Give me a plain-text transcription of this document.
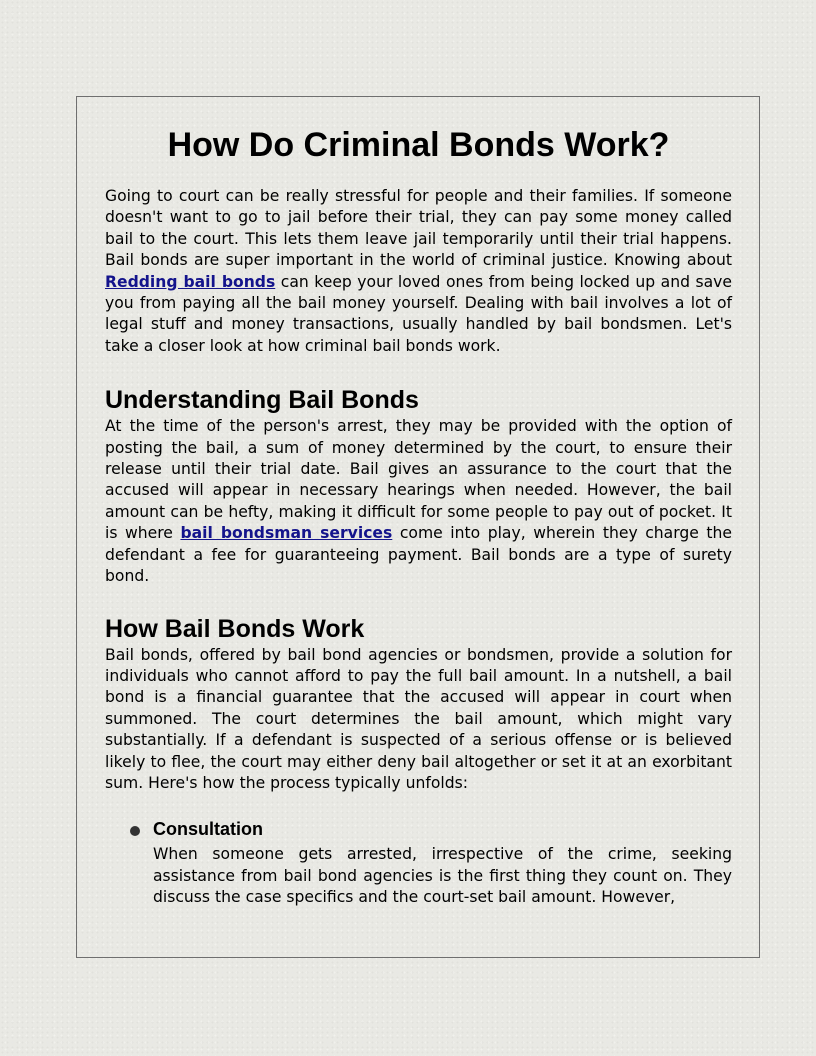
How Do Criminal Bonds Work?

Going to court can be really stressful for people and their families. If someone doesn't want to go to jail before their trial, they can pay some money called bail to the court. This lets them leave jail temporarily until their trial happens. Bail bonds are super important in the world of criminal justice. Knowing about Redding bail bonds can keep your loved ones from being locked up and save you from paying all the bail money yourself. Dealing with bail involves a lot of legal stuff and money transactions, usually handled by bail bondsmen. Let's take a closer look at how criminal bail bonds work.

Understanding Bail Bonds

At the time of the person's arrest, they may be provided with the option of posting the bail, a sum of money determined by the court, to ensure their release until their trial date. Bail gives an assurance to the court that the accused will appear in necessary hearings when needed. However, the bail amount can be hefty, making it difficult for some people to pay out of pocket. It is where bail bondsman services come into play, wherein they charge the defendant a fee for guaranteeing payment. Bail bonds are a type of surety bond.

How Bail Bonds Work

Bail bonds, offered by bail bond agencies or bondsmen, provide a solution for individuals who cannot afford to pay the full bail amount. In a nutshell, a bail bond is a financial guarantee that the accused will appear in court when summoned. The court determines the bail amount, which might vary substantially. If a defendant is suspected of a serious offense or is believed likely to flee, the court may either deny bail altogether or set it at an exorbitant sum. Here's how the process typically unfolds:

Consultation

When someone gets arrested, irrespective of the crime, seeking assistance from bail bond agencies is the first thing they count on. They discuss the case specifics and the court-set bail amount. However,
